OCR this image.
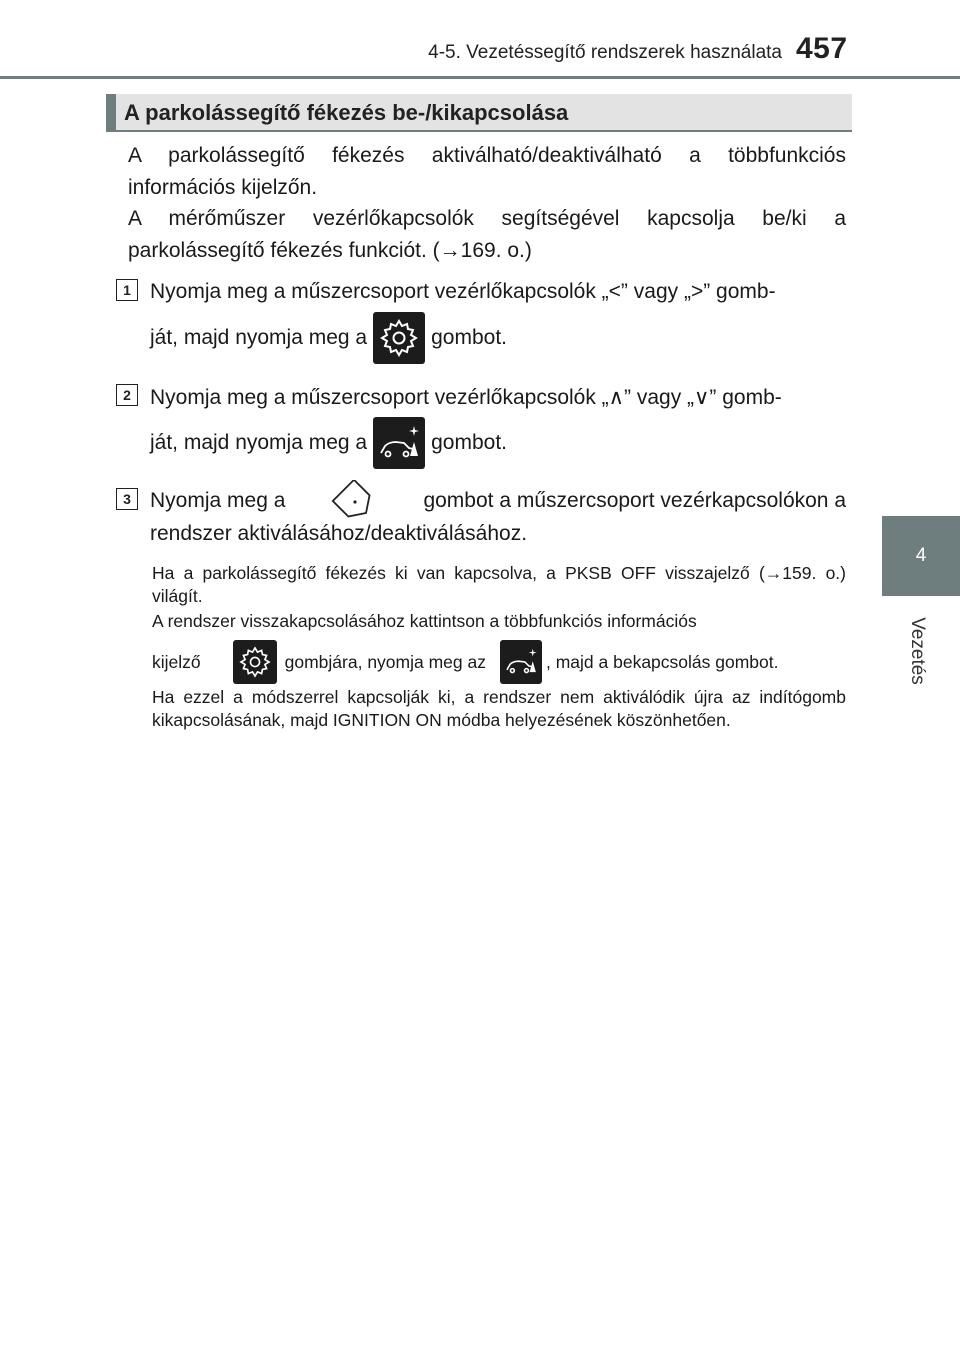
4-5. Vezetéssegítő rendszerek használata 457
4
Vezetés
A parkolássegítő fékezés be-/kikapcsolása
A parkolássegítő fékezés aktiválható/deaktiválható a többfunkciós információs kijelzőn.
A mérőműszer vezérlőkapcsolók segítségével kapcsolja be/ki a parkolássegítő fékezés funkciót. (→169. o.)
1 Nyomja meg a műszercsoport vezérlőkapcsolók „<” vagy „>” gomb-
ját, majd nyomja meg a	gombot.
2 Nyomja meg a műszercsoport vezérlőkapcsolók „∧” vagy „∨” gomb-
ját, majd nyomja meg a	gombot.
3 Nyomja meg a	gombot a műszercsoport vezérkapcsolókon a
rendszer aktiválásához/deaktiválásához.
Ha a parkolássegítő fékezés ki van kapcsolva, a PKSB OFF visszajelző (→159. o.) világít.
A rendszer visszakapcsolásához kattintson a többfunkciós információs
kijelző	gombjára, nyomja meg az	, majd a bekapcsolás gombot.
Ha ezzel a módszerrel kapcsolják ki, a rendszer nem aktiválódik újra az indítógomb kikapcsolásának, majd IGNITION ON módba helyezésének köszönhetően.
